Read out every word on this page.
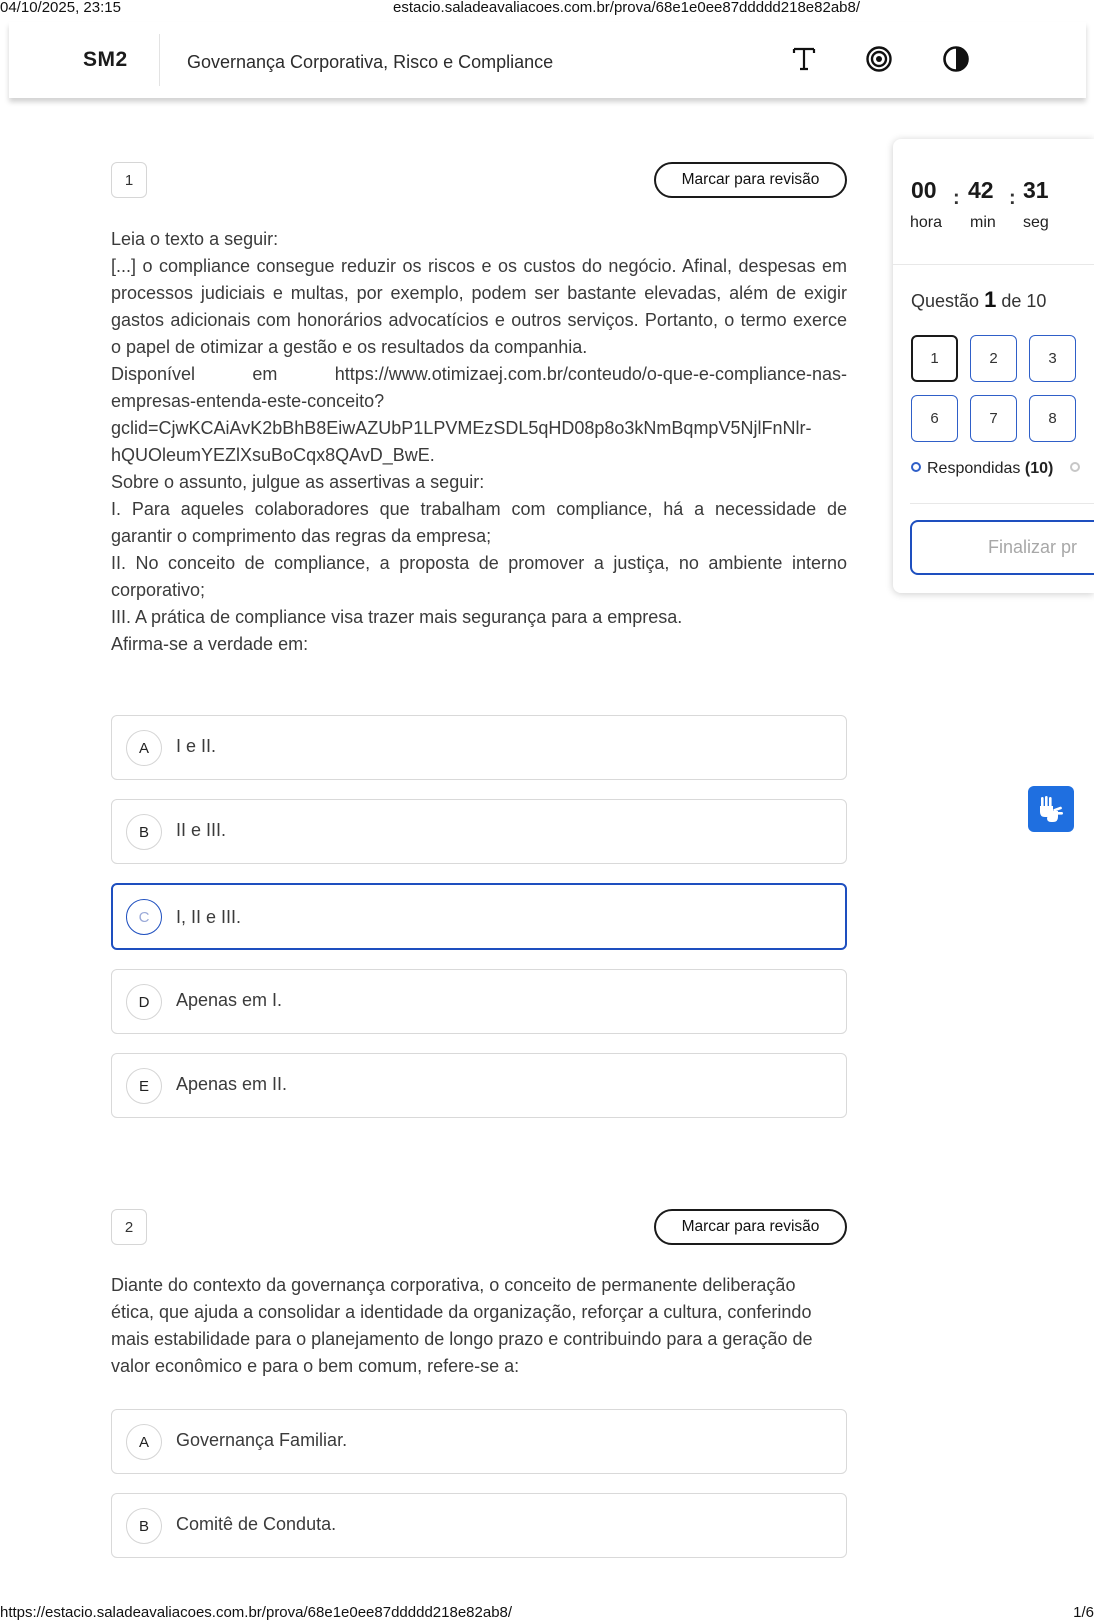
04/10/2025, 23:15	estacio.saladeavaliacoes.com.br/prova/68e1e0ee87ddddd218e82ab8/
SM2	Governança Corporativa, Risco e Compliance
1	Marcar para revisão

Leia o texto a seguir:

[...] o compliance consegue reduzir os riscos e os custos do negócio. Afinal, despesas em processos judiciais e multas, por exemplo, podem ser bastante elevadas, além de exigir gastos adicionais com honorários advocatícios e outros serviços. Portanto, o termo exerce o papel de otimizar a gestão e os resultados da companhia.

Disponível em https://www.otimizaej.com.br/conteudo/o-que-e-compliance-nas-

empresas-entenda-este-conceito?

gclid=CjwKCAiAvK2bBhB8EiwAZUbP1LPVMEzSDL5qHD08p8o3kNmBqmpV5NjlFnNlr-

hQUOleumYEZlXsuBoCqx8QAvD_BwE.

Sobre o assunto, julgue as assertivas a seguir:

I. Para aqueles colaboradores que trabalham com compliance, há a necessidade de garantir o comprimento das regras da empresa;

II. No conceito de compliance, a proposta de promover a justiça, no ambiente interno corporativo;

III. A prática de compliance visa trazer mais segurança para a empresa.

Afirma-se a verdade em:

A	I e II.
B	II e III.
C	I, II e III.
D	Apenas em I.
E	Apenas em II.
2	Marcar para revisão

Diante do contexto da governança corporativa, o conceito de permanente deliberação ética, que ajuda a consolidar a identidade da organização, reforçar a cultura, conferindo mais estabilidade para o planejamento de longo prazo e contribuindo para a geração de valor econômico e para o bem comum, refere-se a:

A	Governança Familiar.
B	Comitê de Conduta.
00 : 42 : 31
hora min seg
Questão 1 de 10
1	2	3
6	7	8
Respondidas (10)
Finalizar pr
https://estacio.saladeavaliacoes.com.br/prova/68e1e0ee87ddddd218e82ab8/	1/6
